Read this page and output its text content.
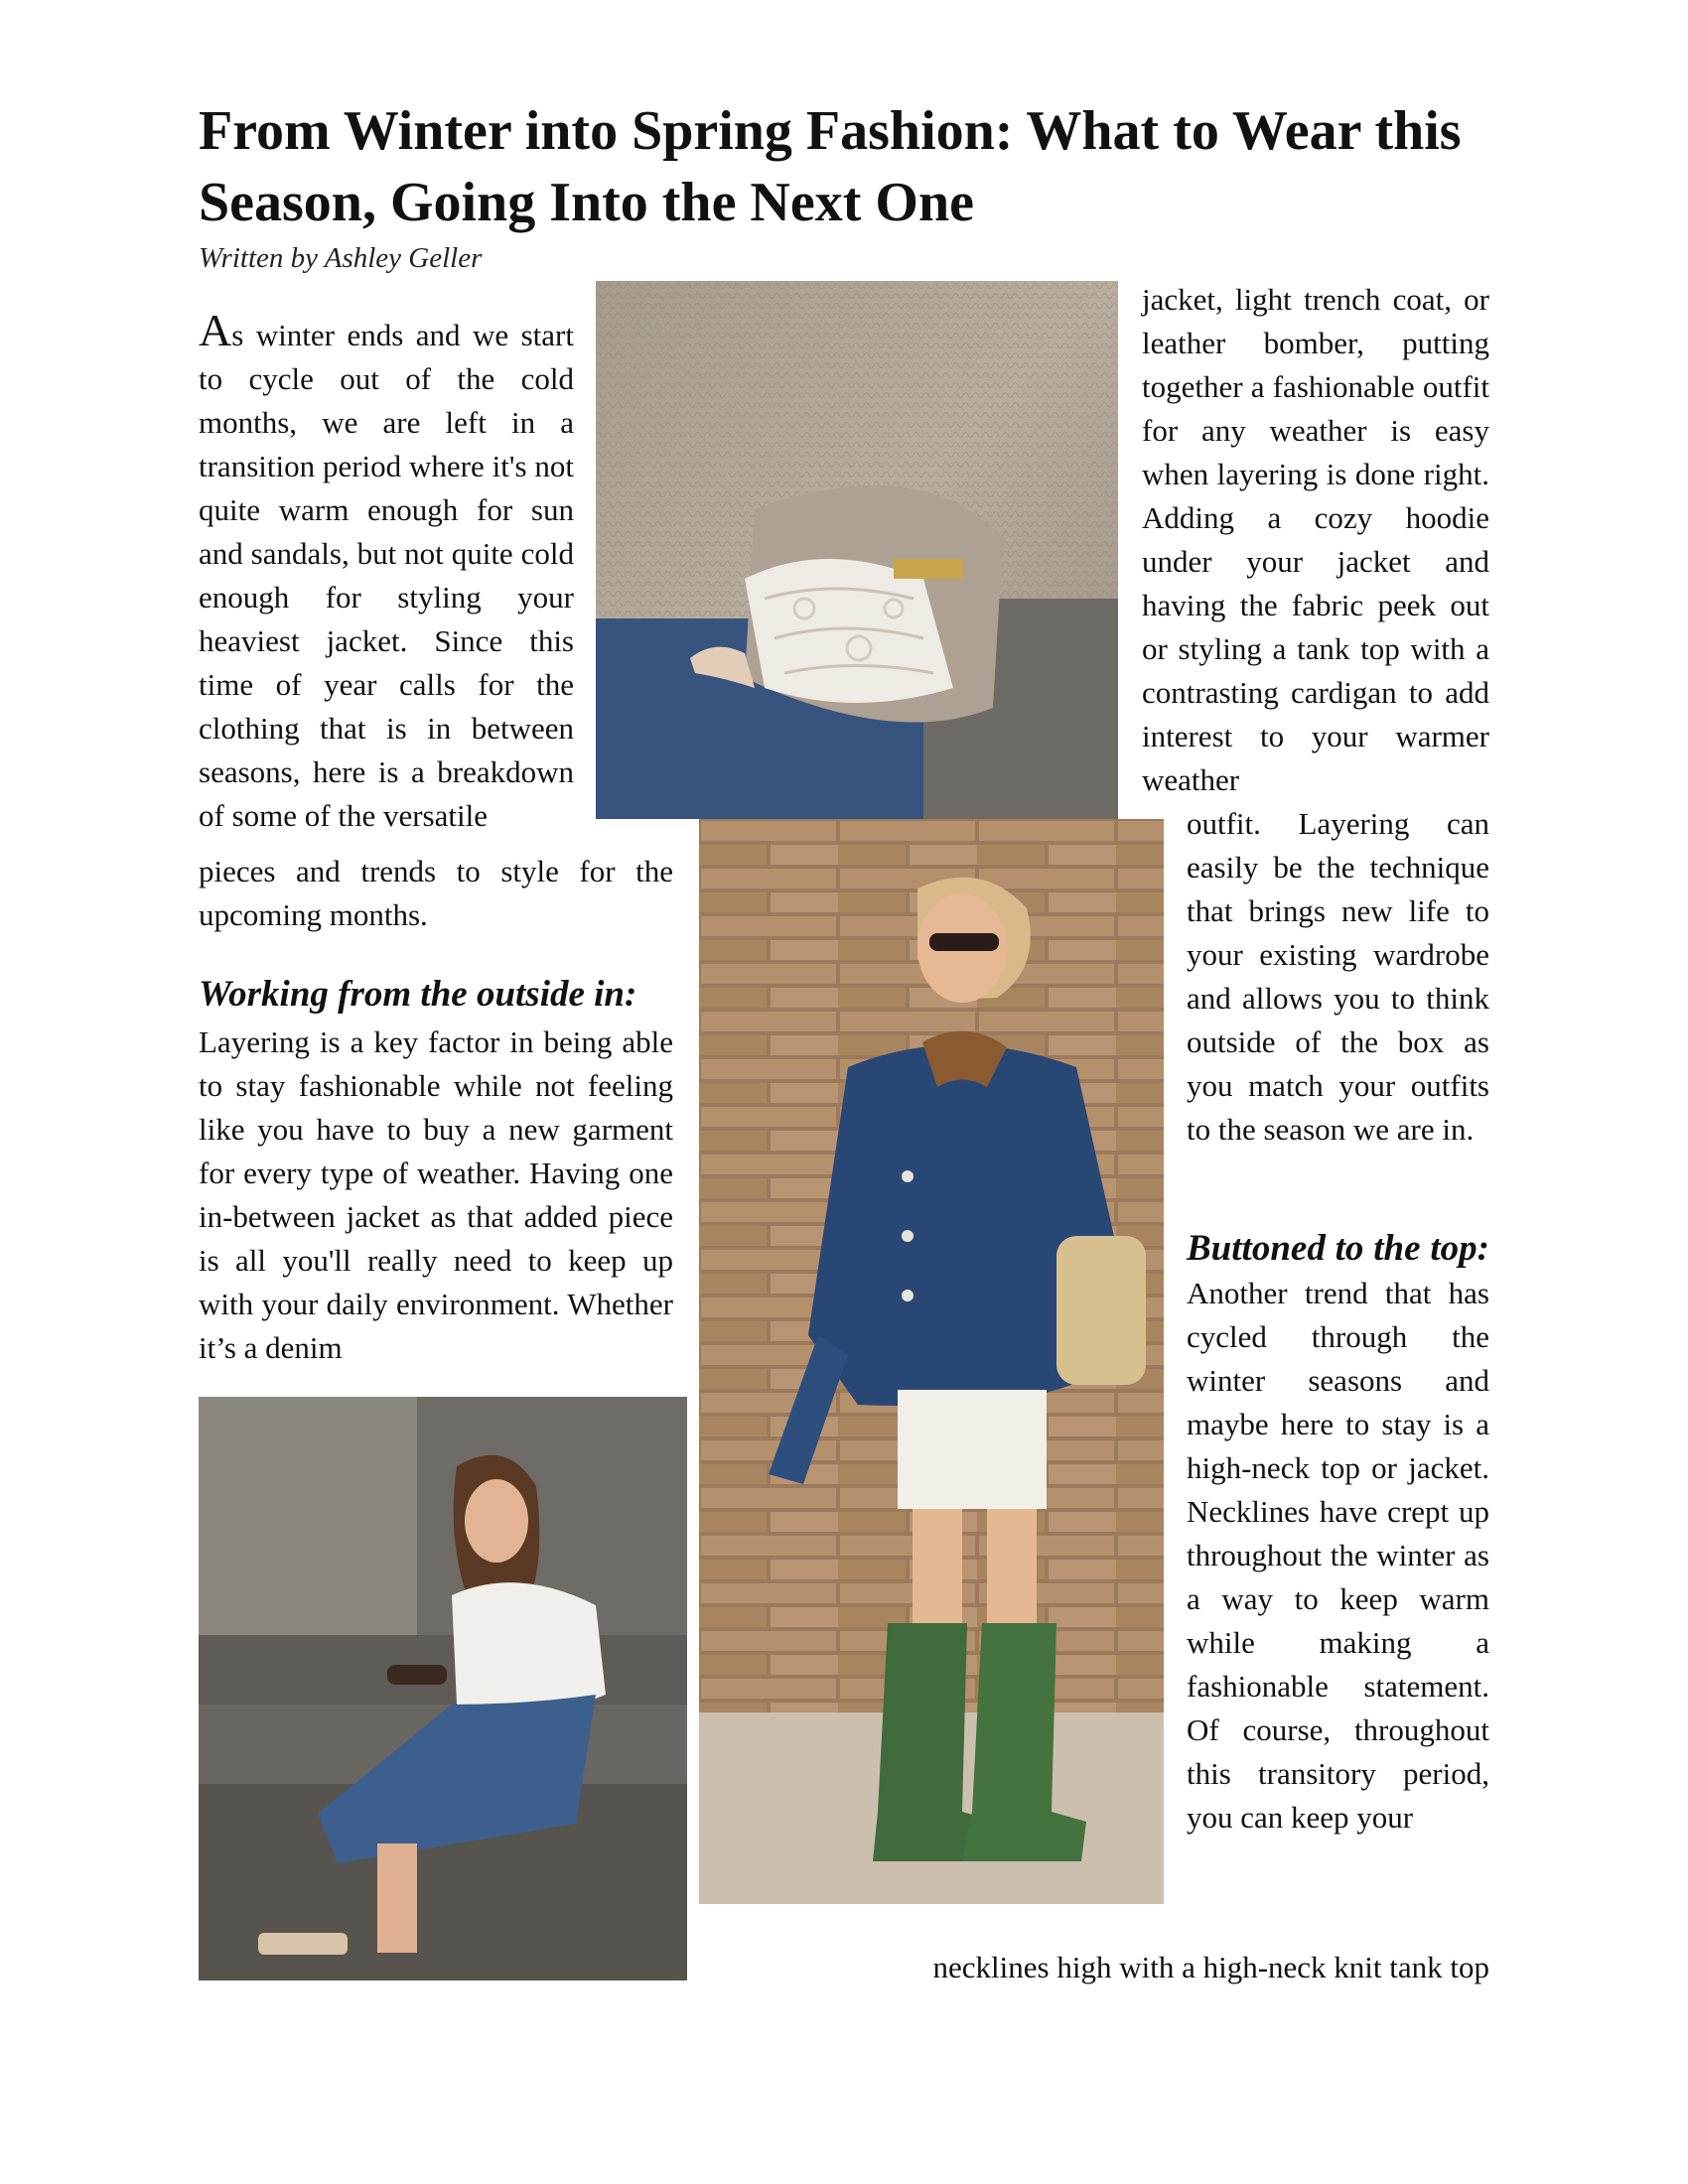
From Winter into Spring Fashion: What to Wear this Season, Going Into the Next One
Written by Ashley Geller

As winter ends and we start to cycle out of the cold months, we are left in a transition period where it's not quite warm enough for sun and sandals, but not quite cold enough for styling your heaviest jacket. Since this time of year calls for the clothing that is in between seasons, here is a breakdown of some of the versatile

pieces and trends to style for the upcoming months.

Working from the outside in:

Layering is a key factor in being able to stay fashionable while not feeling like you have to buy a new garment for every type of weather. Having one in-between jacket as that added piece is all you'll really need to keep up with your daily environment. Whether it’s a denim

jacket, light trench coat, or leather bomber, putting together a fashionable outfit for any weather is easy when layering is done right. Adding a cozy hoodie under your jacket and having the fabric peek out or styling a tank top with a contrasting cardigan to add interest to your warmer weather

outfit. Layering can easily be the technique that brings new life to your existing wardrobe and allows you to think outside of the box as you match your outfits to the season we are in.

Buttoned to the top: Another trend that has cycled through the winter seasons and maybe here to stay is a high-neck top or jacket. Necklines have crept up throughout the winter as a way to keep warm while making a fashionable statement. Of course, throughout this transitory period, you can keep your

necklines high with a high-neck knit tank top
